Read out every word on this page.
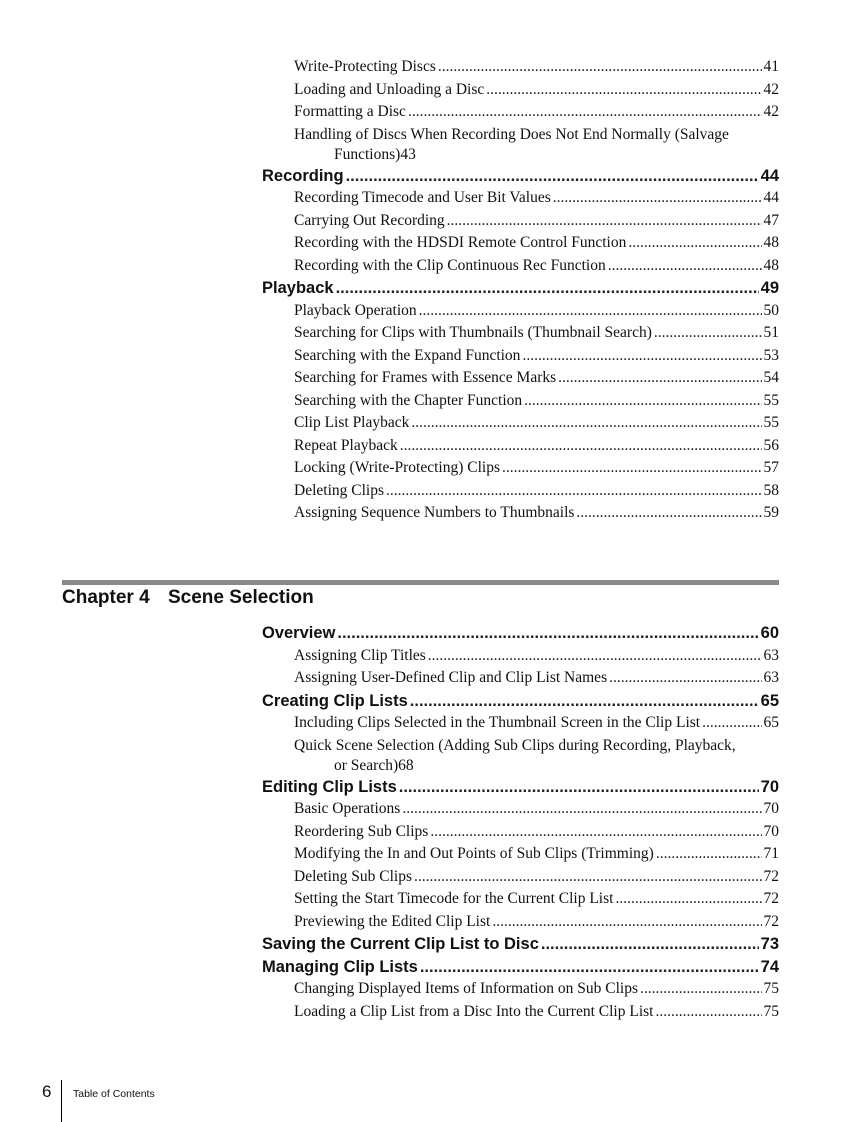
Write-Protecting Discs .....	41
Loading and Unloading a Disc .....	42
Formatting a Disc .....	42
Handling of Discs When Recording Does Not End Normally (Salvage
Functions) 43
Recording .....	44
Recording Timecode and User Bit Values .....	44
Carrying Out Recording .....	47
Recording with the HDSDI Remote Control Function .....	48
Recording with the Clip Continuous Rec Function .....	48
Playback .....	49
Playback Operation .....	50
Searching for Clips with Thumbnails (Thumbnail Search) .....	51
Searching with the Expand Function .....	53
Searching for Frames with Essence Marks .....	54
Searching with the Chapter Function .....	55
Clip List Playback .....	55
Repeat Playback .....	56
Locking (Write-Protecting) Clips .....	57
Deleting Clips .....	58
Assigning Sequence Numbers to Thumbnails .....	59
Chapter 4 Scene Selection
Overview .....	60
Assigning Clip Titles .....	63
Assigning User-Defined Clip and Clip List Names .....	63
Creating Clip Lists .....	65
Including Clips Selected in the Thumbnail Screen in the Clip List .....	65
Quick Scene Selection (Adding Sub Clips during Recording, Playback,
or Search) 68
Editing Clip Lists .....	70
Basic Operations .....	70
Reordering Sub Clips .....	70
Modifying the In and Out Points of Sub Clips (Trimming) .....	71
Deleting Sub Clips .....	72
Setting the Start Timecode for the Current Clip List .....	72
Previewing the Edited Clip List .....	72
Saving the Current Clip List to Disc .....	73
Managing Clip Lists .....	74
Changing Displayed Items of Information on Sub Clips .....	75
Loading a Clip List from a Disc Into the Current Clip List .....	75
6 Table of Contents
